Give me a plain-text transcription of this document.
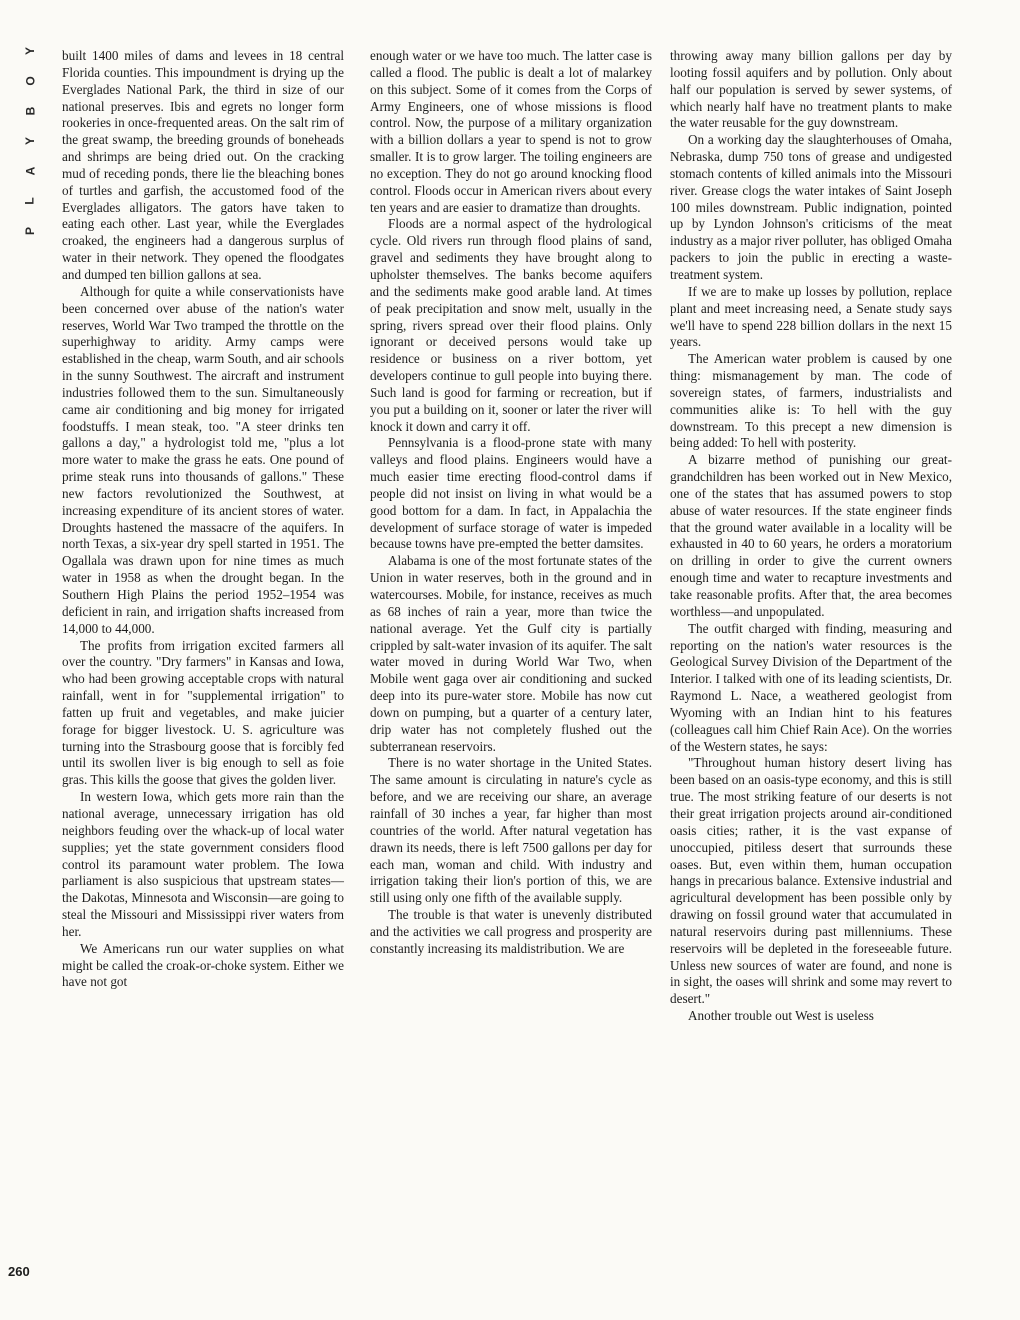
Y
O
B
Y
A
L
P
260

built 1400 miles of dams and levees in 18 central Florida counties. This impoundment is drying up the Everglades National Park, the third in size of our national preserves. Ibis and egrets no longer form rookeries in once-frequented areas. On the salt rim of the great swamp, the breeding grounds of boneheads and shrimps are being dried out. On the cracking mud of receding ponds, there lie the bleaching bones of turtles and garfish, the accustomed food of the Everglades alligators. The gators have taken to eating each other. Last year, while the Everglades croaked, the engineers had a dangerous surplus of water in their network. They opened the floodgates and dumped ten billion gallons at sea.

Although for quite a while conservationists have been concerned over abuse of the nation's water reserves, World War Two tramped the throttle on the superhighway to aridity. Army camps were established in the cheap, warm South, and air schools in the sunny Southwest. The aircraft and instrument industries followed them to the sun. Simultaneously came air conditioning and big money for irrigated foodstuffs. I mean steak, too. "A steer drinks ten gallons a day," a hydrologist told me, "plus a lot more water to make the grass he eats. One pound of prime steak runs into thousands of gallons." These new factors revolutionized the Southwest, at increasing expenditure of its ancient stores of water. Droughts hastened the massacre of the aquifers. In north Texas, a six-year dry spell started in 1951. The Ogallala was drawn upon for nine times as much water in 1958 as when the drought began. In the Southern High Plains the period 1952–1954 was deficient in rain, and irrigation shafts increased from 14,000 to 44,000.

The profits from irrigation excited farmers all over the country. "Dry farmers" in Kansas and Iowa, who had been growing acceptable crops with natural rainfall, went in for "supplemental irrigation" to fatten up fruit and vegetables, and make juicier forage for bigger livestock. U. S. agriculture was turning into the Strasbourg goose that is forcibly fed until its swollen liver is big enough to sell as foie gras. This kills the goose that gives the golden liver.

In western Iowa, which gets more rain than the national average, unnecessary irrigation has old neighbors feuding over the whack-up of local water supplies; yet the state government considers flood control its paramount water problem. The Iowa parliament is also suspicious that upstream states—the Dakotas, Minnesota and Wisconsin—are going to steal the Missouri and Mississippi river waters from her.

We Americans run our water supplies on what might be called the croak-or-choke system. Either we have not got

enough water or we have too much. The latter case is called a flood. The public is dealt a lot of malarkey on this subject. Some of it comes from the Corps of Army Engineers, one of whose missions is flood control. Now, the purpose of a military organization with a billion dollars a year to spend is not to grow smaller. It is to grow larger. The toiling engineers are no exception. They do not go around knocking flood control. Floods occur in American rivers about every ten years and are easier to dramatize than droughts.

Floods are a normal aspect of the hydrological cycle. Old rivers run through flood plains of sand, gravel and sediments they have brought along to upholster themselves. The banks become aquifers and the sediments make good arable land. At times of peak precipitation and snow melt, usually in the spring, rivers spread over their flood plains. Only ignorant or deceived persons would take up residence or business on a river bottom, yet developers continue to gull people into buying there. Such land is good for farming or recreation, but if you put a building on it, sooner or later the river will knock it down and carry it off.

Pennsylvania is a flood-prone state with many valleys and flood plains. Engineers would have a much easier time erecting flood-control dams if people did not insist on living in what would be a good bottom for a dam. In fact, in Appalachia the development of surface storage of water is impeded because towns have pre-empted the better damsites.

Alabama is one of the most fortunate states of the Union in water reserves, both in the ground and in watercourses. Mobile, for instance, receives as much as 68 inches of rain a year, more than twice the national average. Yet the Gulf city is partially crippled by salt-water invasion of its aquifer. The salt water moved in during World War Two, when Mobile went gaga over air conditioning and sucked deep into its pure-water store. Mobile has now cut down on pumping, but a quarter of a century later, drip water has not completely flushed out the subterranean reservoirs.

There is no water shortage in the United States. The same amount is circulating in nature's cycle as before, and we are receiving our share, an average rainfall of 30 inches a year, far higher than most countries of the world. After natural vegetation has drawn its needs, there is left 7500 gallons per day for each man, woman and child. With industry and irrigation taking their lion's portion of this, we are still using only one fifth of the available supply.

The trouble is that water is unevenly distributed and the activities we call progress and prosperity are constantly increasing its maldistribution. We are

throwing away many billion gallons per day by looting fossil aquifers and by pollution. Only about half our population is served by sewer systems, of which nearly half have no treatment plants to make the water reusable for the guy downstream.

On a working day the slaughterhouses of Omaha, Nebraska, dump 750 tons of grease and undigested stomach contents of killed animals into the Missouri river. Grease clogs the water intakes of Saint Joseph 100 miles downstream. Public indignation, pointed up by Lyndon Johnson's criticisms of the meat industry as a major river polluter, has obliged Omaha packers to join the public in erecting a waste-treatment system.

If we are to make up losses by pollution, replace plant and meet increasing need, a Senate study says we'll have to spend 228 billion dollars in the next 15 years.

The American water problem is caused by one thing: mismanagement by man. The code of sovereign states, of farmers, industrialists and communities alike is: To hell with the guy downstream. To this precept a new dimension is being added: To hell with posterity.

A bizarre method of punishing our great-grandchildren has been worked out in New Mexico, one of the states that has assumed powers to stop abuse of water resources. If the state engineer finds that the ground water available in a locality will be exhausted in 40 to 60 years, he orders a moratorium on drilling in order to give the current owners enough time and water to recapture investments and take reasonable profits. After that, the area becomes worthless—and unpopulated.

The outfit charged with finding, measuring and reporting on the nation's water resources is the Geological Survey Division of the Department of the Interior. I talked with one of its leading scientists, Dr. Raymond L. Nace, a weathered geologist from Wyoming with an Indian hint to his features (colleagues call him Chief Rain Ace). On the worries of the Western states, he says:

"Throughout human history desert living has been based on an oasis-type economy, and this is still true. The most striking feature of our deserts is not their great irrigation projects around air-conditioned oasis cities; rather, it is the vast expanse of unoccupied, pitiless desert that surrounds these oases. But, even within them, human occupation hangs in precarious balance. Extensive industrial and agricultural development has been possible only by drawing on fossil ground water that accumulated in natural reservoirs during past millenniums. These reservoirs will be depleted in the foreseeable future. Unless new sources of water are found, and none is in sight, the oases will shrink and some may revert to desert."

Another trouble out West is useless
